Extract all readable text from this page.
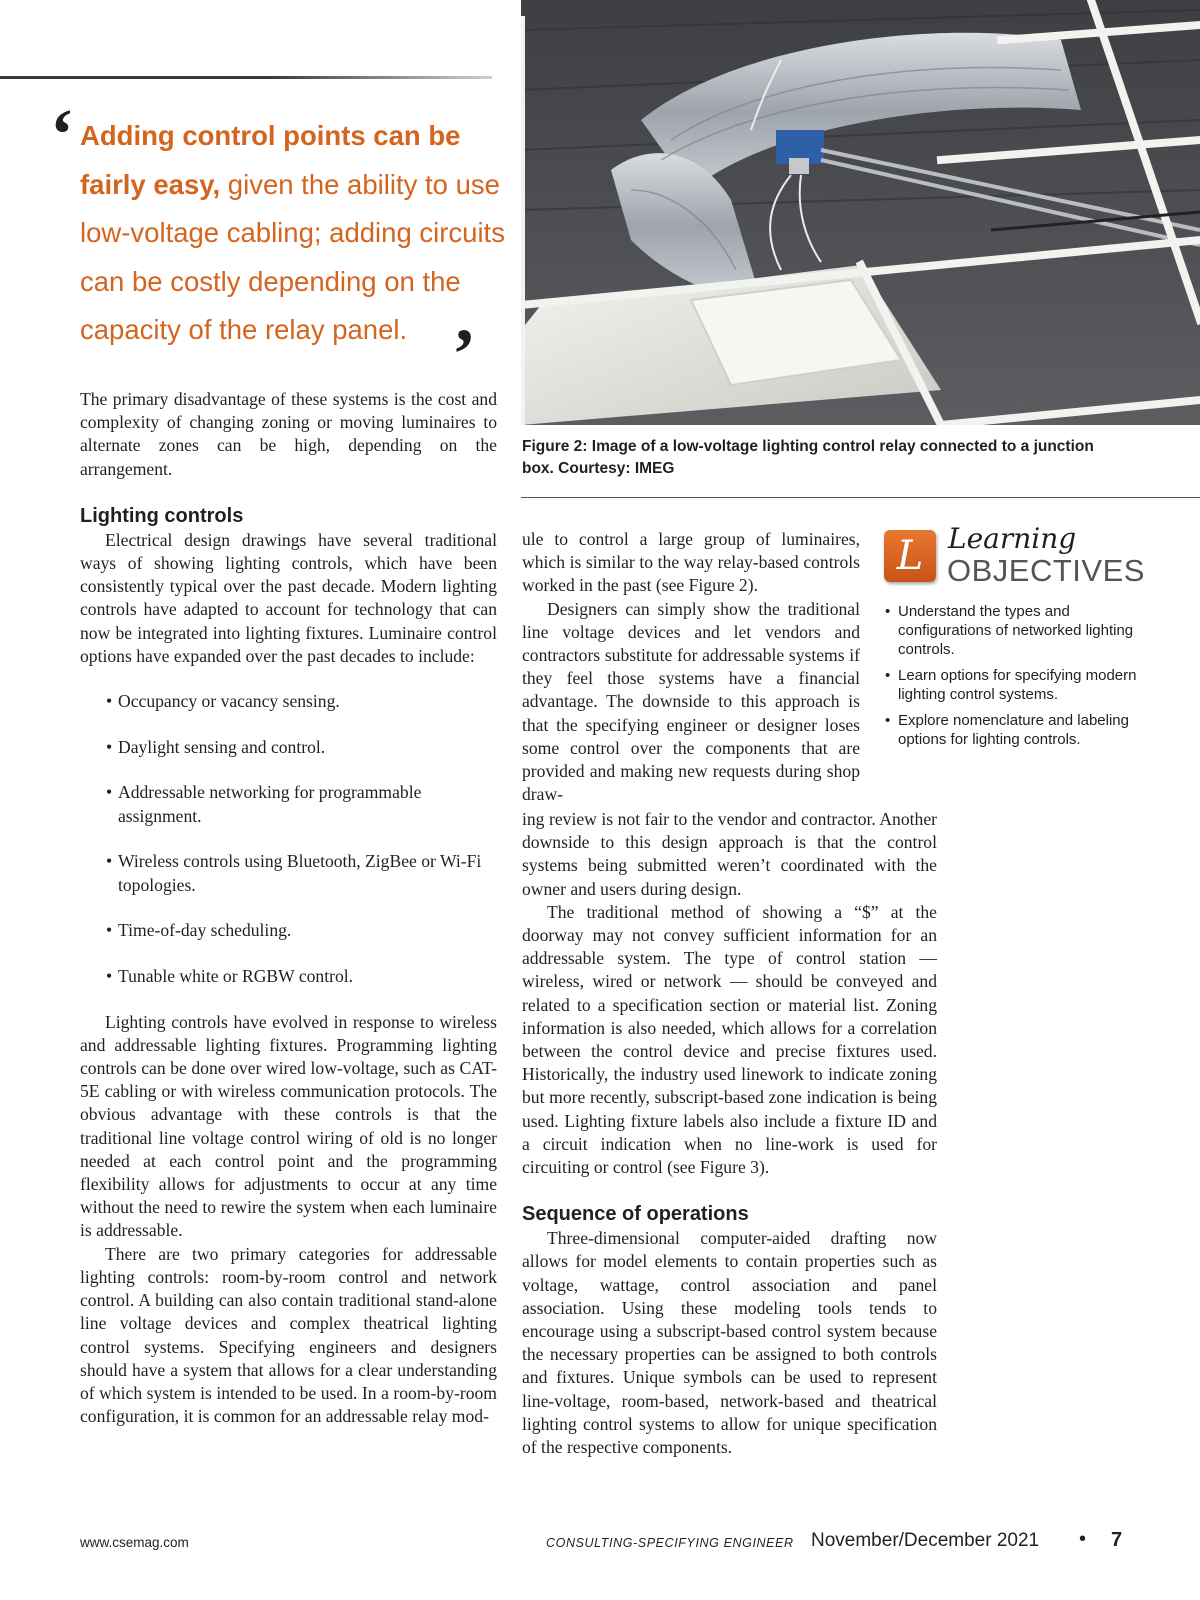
‘ Adding control points can be fairly easy, given the ability to use low-voltage cabling; adding circuits can be costly depending on the capacity of the relay panel. ’
Figure 2: Image of a low-voltage lighting control relay connected to a junction box. Courtesy: IMEG

The primary disadvantage of these systems is the cost and complexity of changing zoning or moving luminaires to alternate zones can be high, depending on the arrangement.

Lighting controls

Electrical design drawings have several traditional ways of showing lighting controls, which have been consistently typical over the past decade. Modern lighting controls have adapted to account for technology that can now be integrated into lighting fixtures. Luminaire control options have expanded over the past decades to include:

• Occupancy or vacancy sensing.
• Daylight sensing and control.
• Addressable networking for programmable assignment.
• Wireless controls using Bluetooth, ZigBee or Wi-Fi topologies.
• Time-of-day scheduling.
• Tunable white or RGBW control.

Lighting controls have evolved in response to wireless and addressable lighting fixtures. Programming lighting controls can be done over wired low-voltage, such as CAT-5E cabling or with wireless communication protocols. The obvious advantage with these controls is that the traditional line voltage control wiring of old is no longer needed at each control point and the programming flexibility allows for adjustments to occur at any time without the need to rewire the system when each luminaire is addressable.

There are two primary categories for addressable lighting controls: room-by-room control and network control. A building can also contain traditional stand-alone line voltage devices and complex theatrical lighting control systems. Specifying engineers and designers should have a system that allows for a clear understanding of which system is intended to be used. In a room-by-room configuration, it is common for an addressable relay mod-

ule to control a large group of luminaires, which is similar to the way relay-based controls worked in the past (see Figure 2).

Designers can simply show the traditional line voltage devices and let vendors and contractors substitute for addressable systems if they feel those systems have a financial advantage. The downside to this approach is that the specifying engineer or designer loses some control over the components that are provided and making new requests during shop draw-

ing review is not fair to the vendor and contractor. Another downside to this design approach is that the control systems being submitted weren’t coordinated with the owner and users during design.

The traditional method of showing a “$” at the doorway may not convey sufficient information for an addressable system. The type of control station — wireless, wired or network — should be conveyed and related to a specification section or material list. Zoning information is also needed, which allows for a correlation between the control device and precise fixtures used. Historically, the industry used linework to indicate zoning but more recently, subscript-based zone indication is being used. Lighting fixture labels also include a fixture ID and a circuit indication when no line-work is used for circuiting or control (see Figure 3).

Sequence of operations

Three-dimensional computer-aided drafting now allows for model elements to contain properties such as voltage, wattage, control association and panel association. Using these modeling tools tends to encourage using a subscript-based control system because the necessary properties can be assigned to both controls and fixtures. Unique symbols can be used to represent line-voltage, room-based, network-based and theatrical lighting control systems to allow for unique specification of the respective components.

L Learning
OBJECTIVES
• Understand the types and configurations of networked lighting controls.
• Learn options for specifying modern lighting control systems.
• Explore nomenclature and labeling options for lighting controls.
www.csemag.com	CONSULTING-SPECIFYING ENGINEER November/December 2021 • 7
